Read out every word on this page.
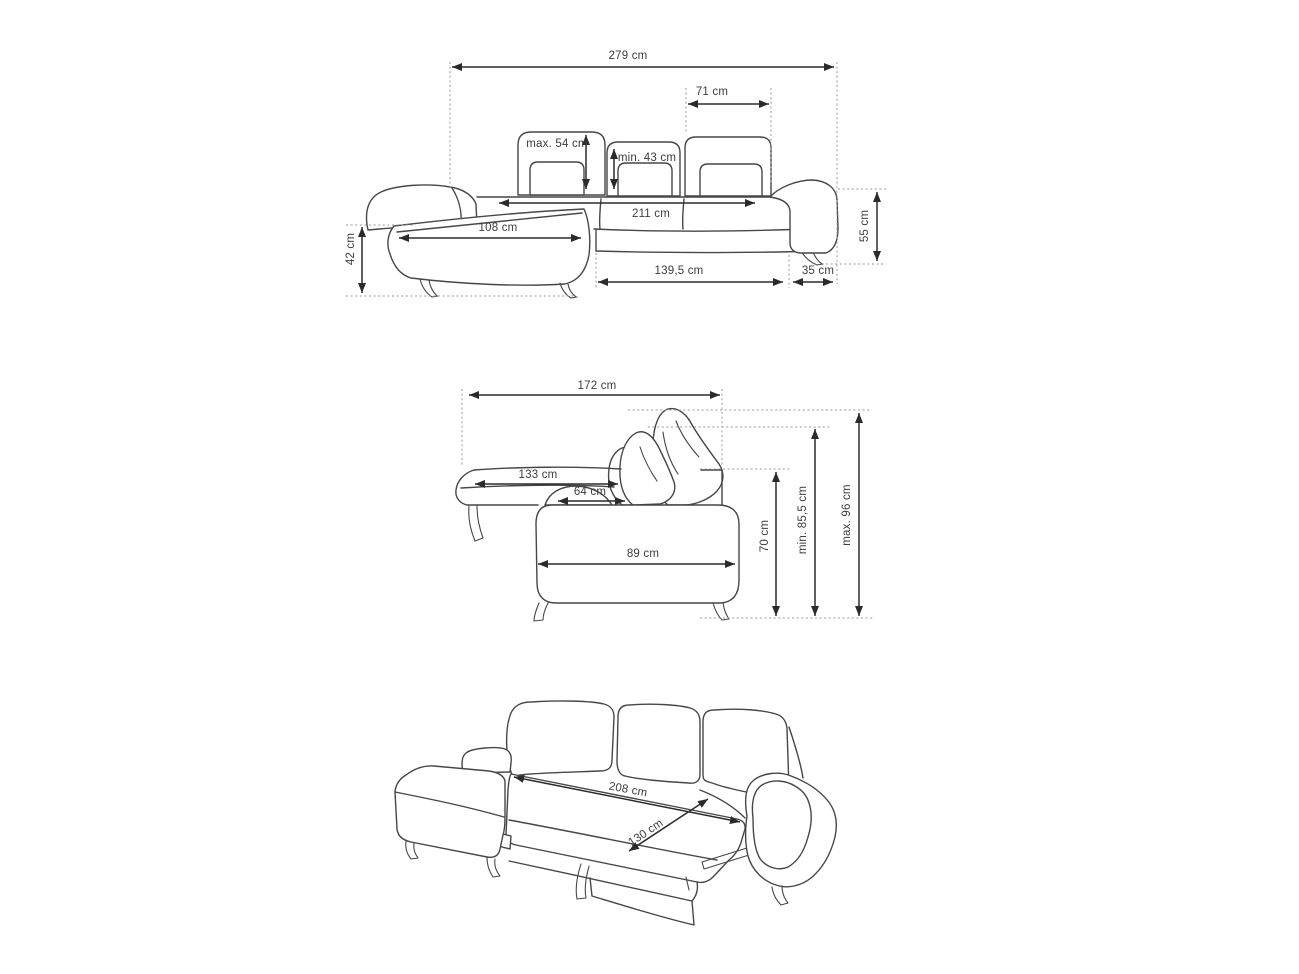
279 cm
71 cm
max. 54 cm
min. 43 cm
211 cm
108 cm
42 cm
139,5 cm	35 cm
55 cm
172 cm
133 cm
64 cm
89 cm
70 cm min. 85,5 cm	max. 96 cm
208 cm
130 cm
